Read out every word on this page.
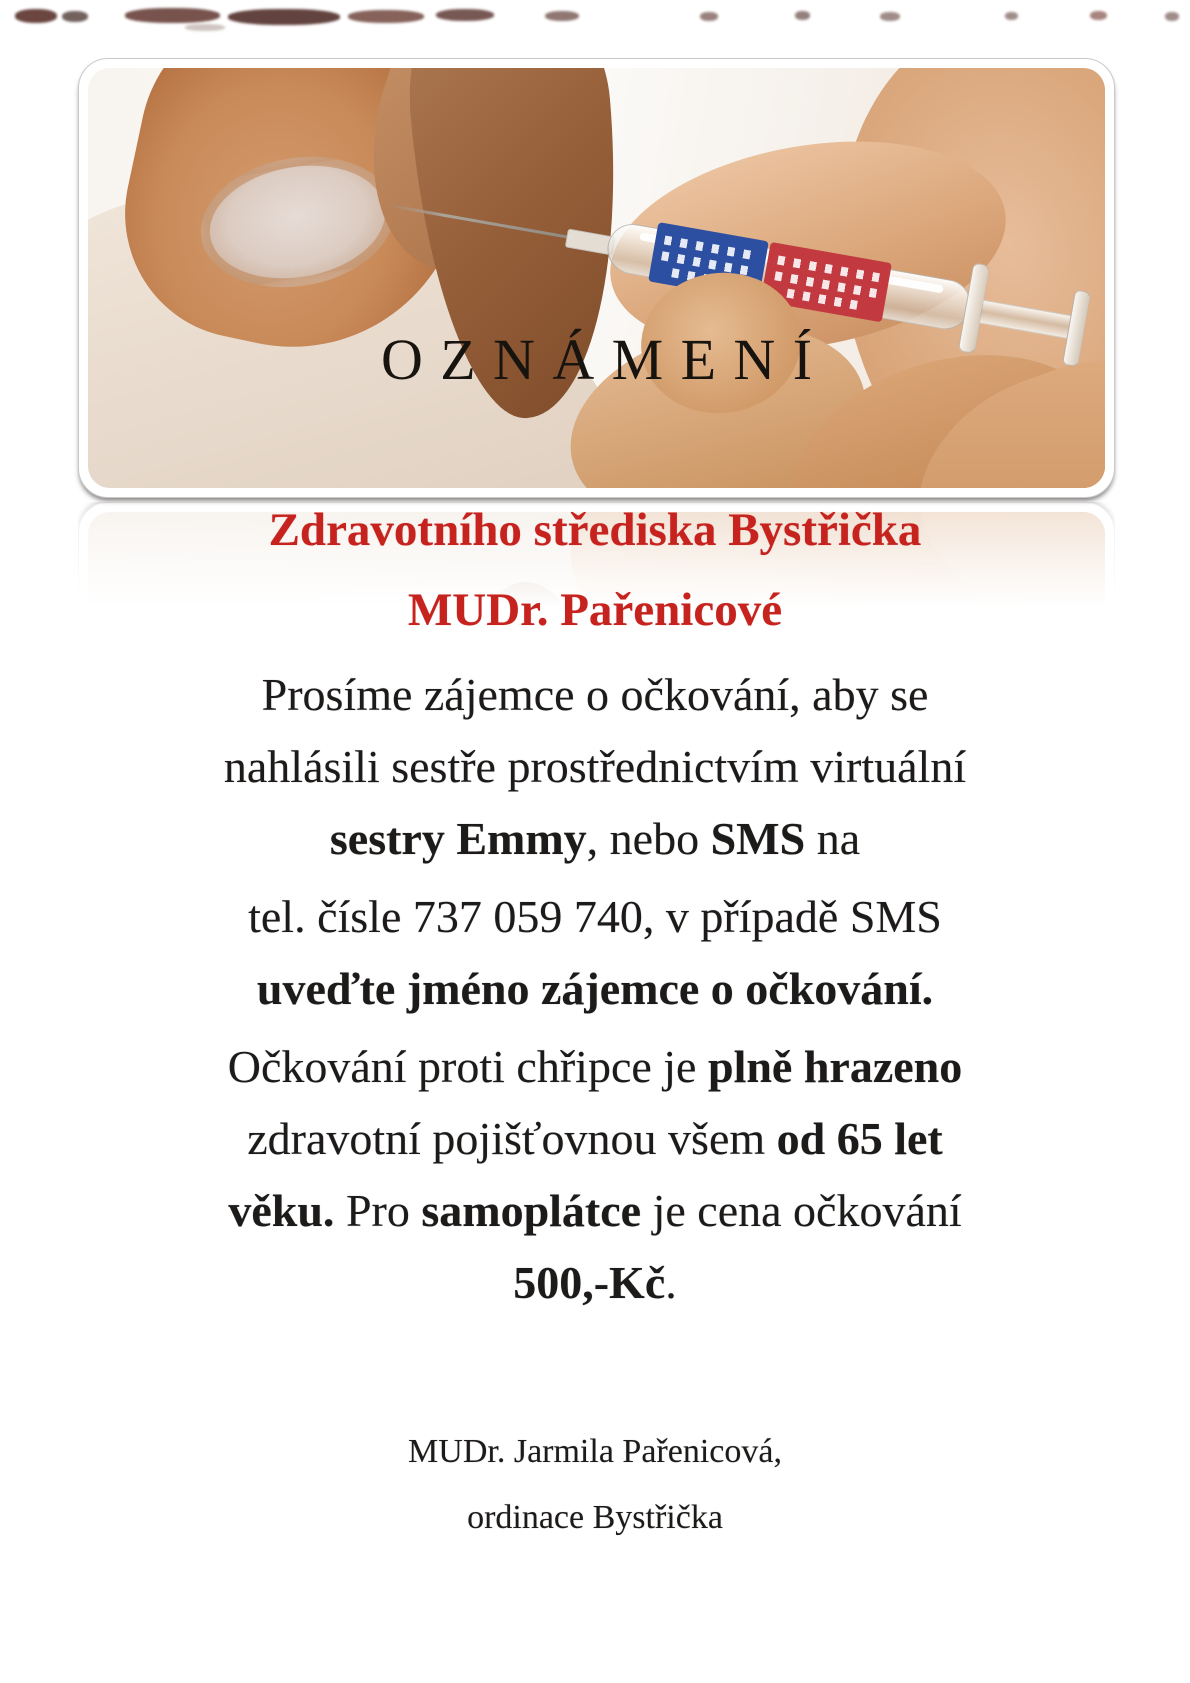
OZNÁMENÍ
Zdravotního střediska Bystřička
MUDr. Pařenicové
Prosíme zájemce o očkování, aby se
nahlásili sestře prostřednictvím virtuální
sestry Emmy, nebo SMS na
tel. čísle 737 059 740, v případě SMS
uveďte jméno zájemce o očkování.
Očkování proti chřipce je plně hrazeno
zdravotní pojišťovnou všem od 65 let
věku. Pro samoplátce je cena očkování
500,-Kč.
MUDr. Jarmila Pařenicová,
ordinace Bystřička
